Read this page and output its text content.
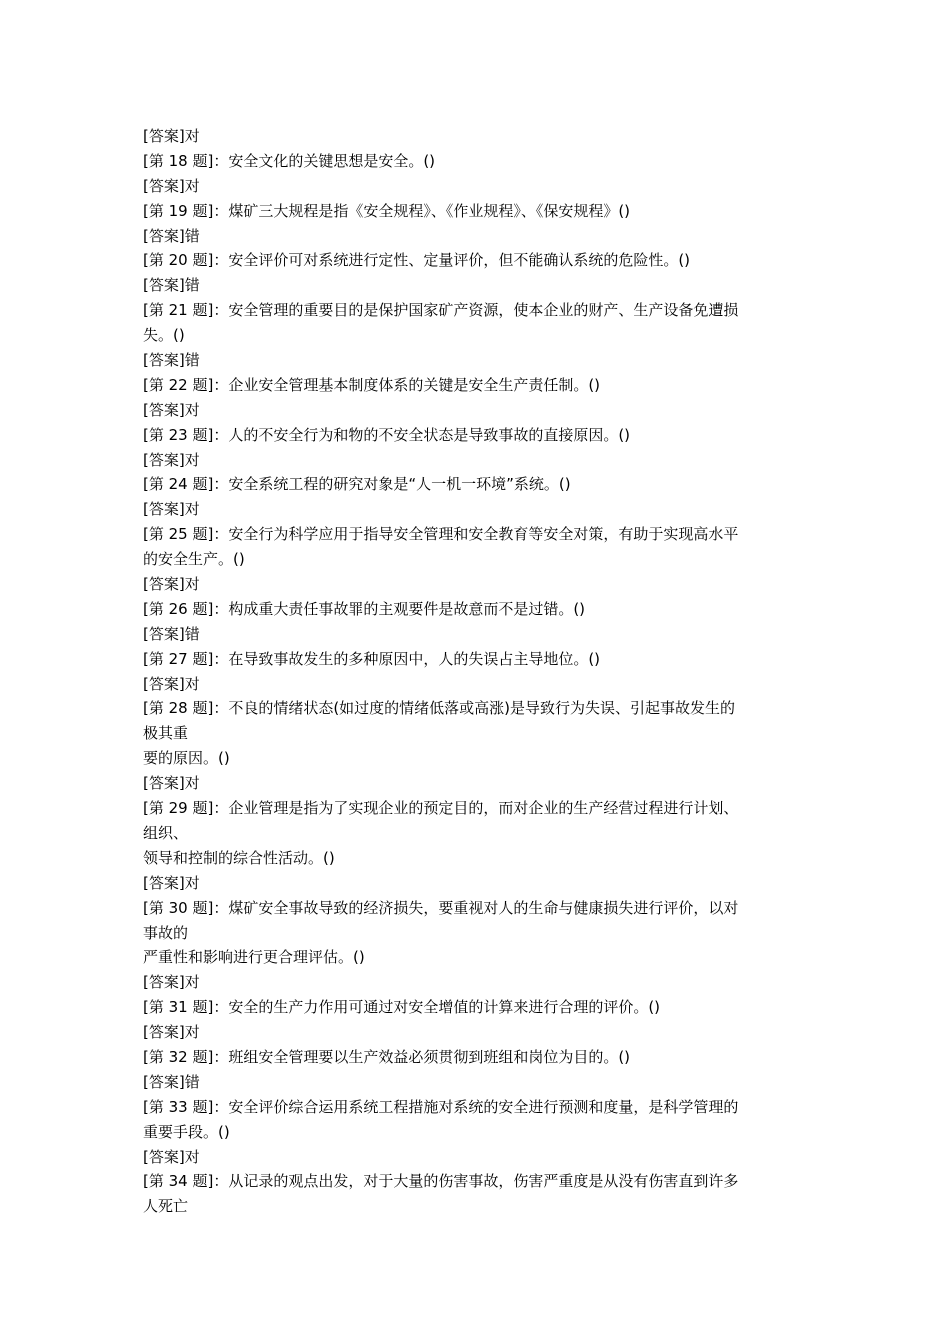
[答案]对
[第 18 题]：安全文化的关键思想是安全。()
[答案]对
[第 19 题]：煤矿三大规程是指《安全规程》、《作业规程》、《保安规程》()
[答案]错
[第 20 题]：安全评价可对系统进行定性、定量评价，但不能确认系统的危险性。()
[答案]错
[第 21 题]：安全管理的重要目的是保护国家矿产资源，使本企业的财产、生产设备免遭损
失。()
[答案]错
[第 22 题]：企业安全管理基本制度体系的关键是安全生产责任制。()
[答案]对
[第 23 题]：人的不安全行为和物的不安全状态是导致事故的直接原因。()
[答案]对
[第 24 题]：安全系统工程的研究对象是“人一机一环境”系统。()
[答案]对
[第 25 题]：安全行为科学应用于指导安全管理和安全教育等安全对策，有助于实现高水平
的安全生产。()
[答案]对
[第 26 题]：构成重大责任事故罪的主观要件是故意而不是过错。()
[答案]错
[第 27 题]：在导致事故发生的多种原因中，人的失误占主导地位。()
[答案]对
[第 28 题]：不良的情绪状态(如过度的情绪低落或高涨)是导致行为失误、引起事故发生的
极其重
要的原因。()
[答案]对
[第 29 题]：企业管理是指为了实现企业的预定目的，而对企业的生产经营过程进行计划、
组织、
领导和控制的综合性活动。()
[答案]对
[第 30 题]：煤矿安全事故导致的经济损失，要重视对人的生命与健康损失进行评价，以对
事故的
严重性和影响进行更合理评估。()
[答案]对
[第 31 题]：安全的生产力作用可通过对安全增值的计算来进行合理的评价。()
[答案]对
[第 32 题]：班组安全管理要以生产效益必须贯彻到班组和岗位为目的。()
[答案]错
[第 33 题]：安全评价综合运用系统工程措施对系统的安全进行预测和度量，是科学管理的
重要手段。()
[答案]对
[第 34 题]：从记录的观点出发，对于大量的伤害事故，伤害严重度是从没有伤害直到许多
人死亡
